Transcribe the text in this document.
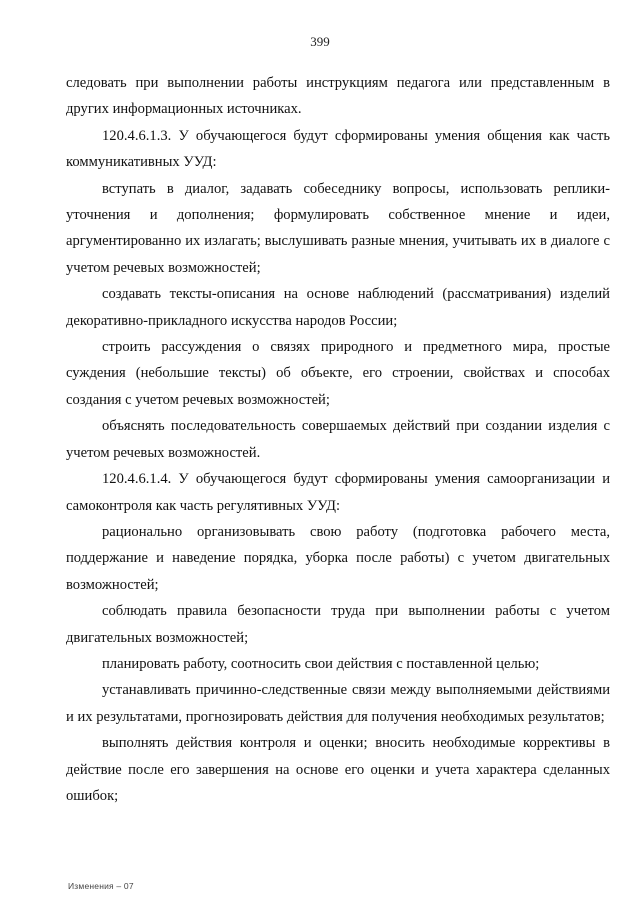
399

следовать при выполнении работы инструкциям педагога или представленным в других информационных источниках.

120.4.6.1.3. У обучающегося будут сформированы умения общения как часть коммуникативных УУД:

вступать в диалог, задавать собеседнику вопросы, использовать реплики-уточнения и дополнения; формулировать собственное мнение и идеи, аргументированно их излагать; выслушивать разные мнения, учитывать их в диалоге с учетом речевых возможностей;

создавать тексты-описания на основе наблюдений (рассматривания) изделий декоративно-прикладного искусства народов России;

строить рассуждения о связях природного и предметного мира, простые суждения (небольшие тексты) об объекте, его строении, свойствах и способах создания с учетом речевых возможностей;

объяснять последовательность совершаемых действий при создании изделия с учетом речевых возможностей.

120.4.6.1.4. У обучающегося будут сформированы умения самоорганизации и самоконтроля как часть регулятивных УУД:

рационально организовывать свою работу (подготовка рабочего места, поддержание и наведение порядка, уборка после работы) с учетом двигательных возможностей;

соблюдать правила безопасности труда при выполнении работы с учетом двигательных возможностей;

планировать работу, соотносить свои действия с поставленной целью;

устанавливать причинно-следственные связи между выполняемыми действиями и их результатами, прогнозировать действия для получения необходимых результатов;

выполнять действия контроля и оценки; вносить необходимые коррективы в действие после его завершения на основе его оценки и учета характера сделанных ошибок;

Изменения – 07
